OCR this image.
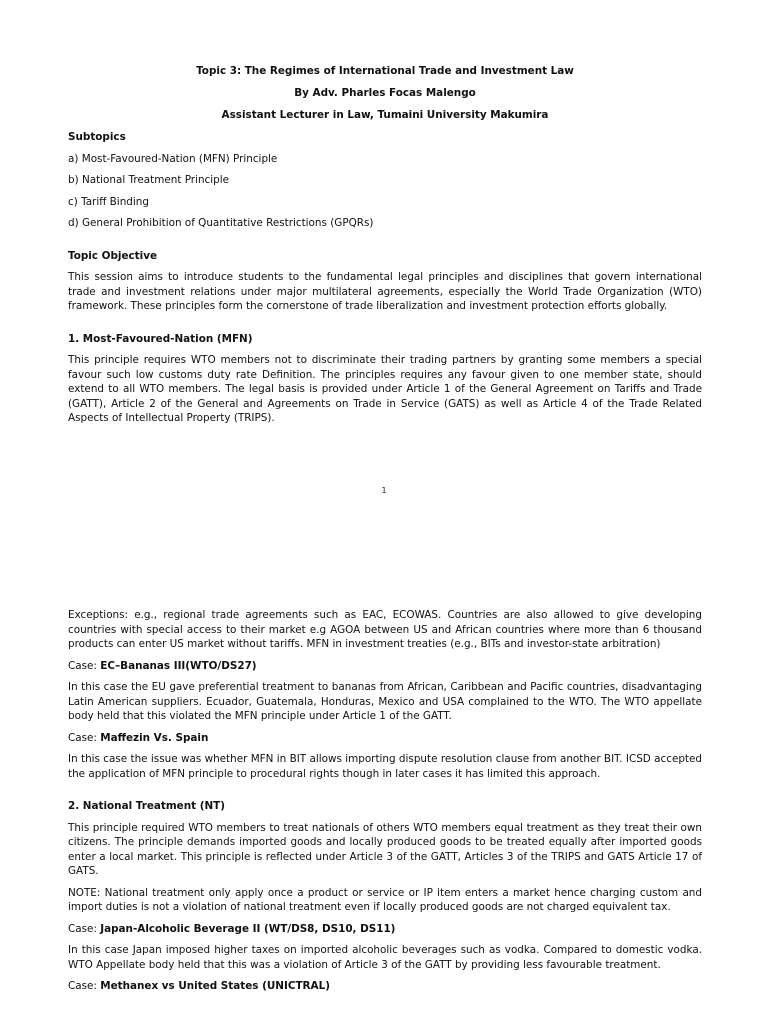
Topic 3: The Regimes of International Trade and Investment Law

By Adv. Pharles Focas Malengo

Assistant Lecturer in Law, Tumaini University Makumira

Subtopics

a) Most-Favoured-Nation (MFN) Principle

b) National Treatment Principle

c) Tariff Binding

d) General Prohibition of Quantitative Restrictions (GPQRs)

Topic Objective

This session aims to introduce students to the fundamental legal principles and disciplines that govern international trade and investment relations under major multilateral agreements, especially the World Trade Organization (WTO) framework. These principles form the cornerstone of trade liberalization and investment protection efforts globally.

1. Most-Favoured-Nation (MFN)

This principle requires WTO members not to discriminate their trading partners by granting some members a special favour such low customs duty rate Definition. The principles requires any favour given to one member state, should extend to all WTO members. The legal basis is provided under Article 1 of the General Agreement on Tariffs and Trade (GATT), Article 2 of the General and Agreements on Trade in Service (GATS) as well as Article 4 of the Trade Related Aspects of Intellectual Property (TRIPS).

1

Exceptions: e.g., regional trade agreements such as EAC, ECOWAS. Countries are also allowed to give developing countries with special access to their market e.g AGOA between US and African countries where more than 6 thousand products can enter US market without tariffs. MFN in investment treaties (e.g., BITs and investor-state arbitration)

Case: EC–Bananas III(WTO/DS27)

In this case the EU gave preferential treatment to bananas from African, Caribbean and Pacific countries, disadvantaging Latin American suppliers. Ecuador, Guatemala, Honduras, Mexico and USA complained to the WTO. The WTO appellate body held that this violated the MFN principle under Article 1 of the GATT.

Case: Maffezin Vs. Spain

In this case the issue was whether MFN in BIT allows importing dispute resolution clause from another BIT. ICSD accepted the application of MFN principle to procedural rights though in later cases it has limited this approach.

2. National Treatment (NT)

This principle required WTO members to treat nationals of others WTO members equal treatment as they treat their own citizens. The principle demands imported goods and locally produced goods to be treated equally after imported goods enter a local market. This principle is reflected under Article 3 of the GATT, Articles 3 of the TRIPS and GATS Article 17 of GATS.

NOTE: National treatment only apply once a product or service or IP item enters a market hence charging custom and import duties is not a violation of national treatment even if locally produced goods are not charged equivalent tax.

Case: Japan-Alcoholic Beverage II (WT/DS8, DS10, DS11)

In this case Japan imposed higher taxes on imported alcoholic beverages such as vodka. Compared to domestic vodka. WTO Appellate body held that this was a violation of Article 3 of the GATT by providing less favourable treatment.

Case: Methanex vs United States (UNICTRAL)
